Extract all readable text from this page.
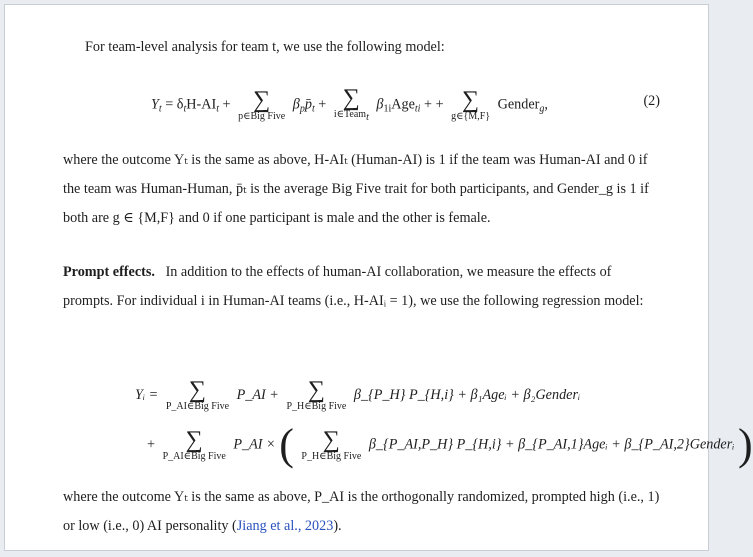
For team-level analysis for team t, we use the following model:

$Y_t = \delta_tH-AI_t$ + ∑
p∈Big Five
$\beta_pp̄_t$ + ∑
i∈Team$_t$
$\beta_{1i}Age_{ti}$ + + ∑
g∈{M,F}
Gender$_g$,	(2)

where the outcome Yₜ is the same as above, H-AIₜ (Human-AI) is 1 if the team was Human-AI and 0 if the team was Human-Human, p̄ₜ is the average Big Five trait for both participants, and Gender_g is 1 if both are g ∈ {M,F} and 0 if one participant is male and the other is female.

Prompt effects. In addition to the effects of human-AI collaboration, we measure the effects of prompts. For individual i in Human-AI teams (i.e., H-AIᵢ = 1), we use the following regression model:

Yᵢ =	∑
P_AI∈Big Five
P_AI +	∑
P_H∈Big Five
β_{P_H} P_{H,i} + β₁Ageᵢ + β₂Genderᵢ
+	∑
P_AI∈Big Five
P_AI × (	∑
P_H∈Big Five
β_{P_AI,P_H} P_{H,i} + β_{P_AI,1}Ageᵢ + β_{P_AI,2}Genderᵢ )

where the outcome Yₜ is the same as above, P_AI is the orthogonally randomized, prompted high (i.e., 1) or low (i.e., 0) AI personality (Jiang et al., 2023).
